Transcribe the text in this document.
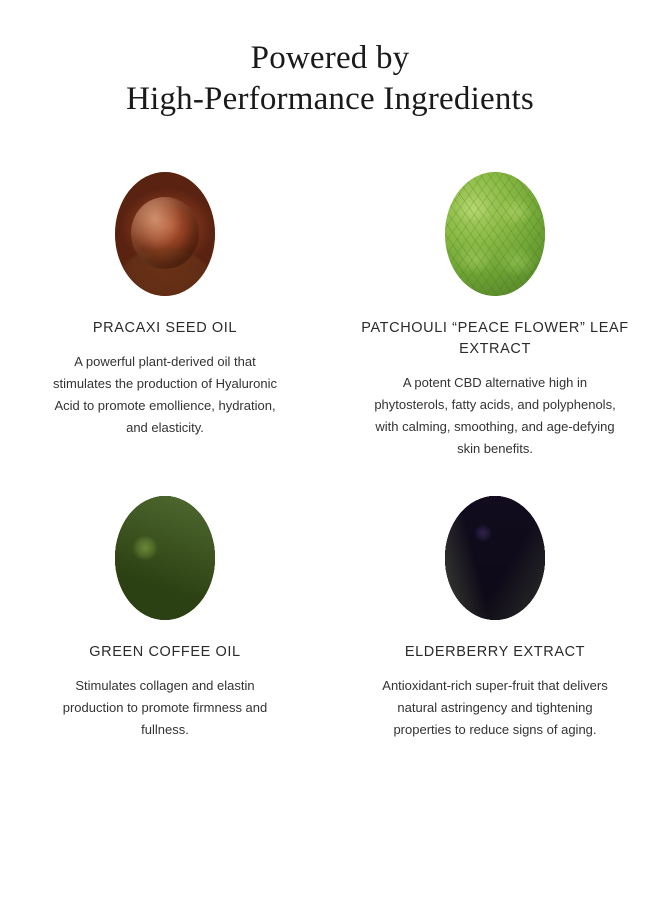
Powered by
High-Performance Ingredients
PRACAXI SEED OIL
A powerful plant-derived oil that stimulates the production of Hyaluronic Acid to promote emollience, hydration, and elasticity.
PATCHOULI “PEACE FLOWER” LEAF EXTRACT
A potent CBD alternative high in phytosterols, fatty acids, and polyphenols, with calming, smoothing, and age-defying skin benefits.
GREEN COFFEE OIL
Stimulates collagen and elastin production to promote firmness and fullness.
ELDERBERRY EXTRACT
Antioxidant-rich super-fruit that delivers natural astringency and tightening properties to reduce signs of aging.
